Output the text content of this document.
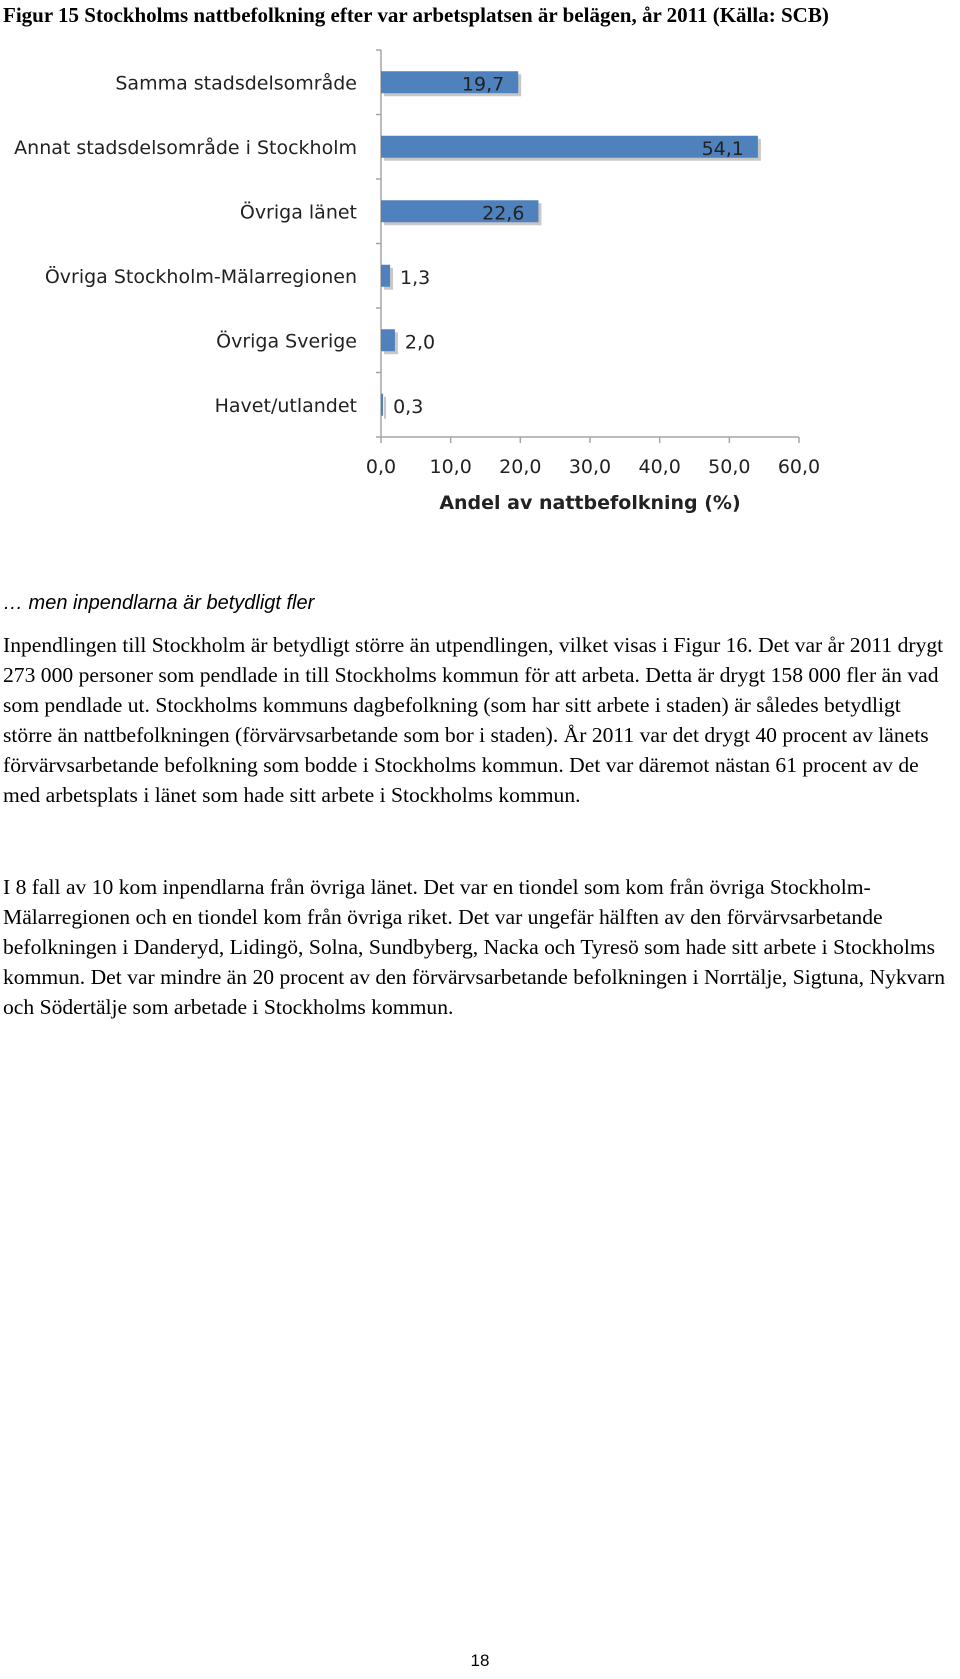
Figur 15 Stockholms nattbefolkning efter var arbetsplatsen är belägen, år 2011 (Källa: SCB)
Samma stadsdelsområde	19,7
Annat stadsdelsområde i Stockholm	54,1
Övriga länet	22,6
Övriga Stockholm-Mälarregionen 1,3
Övriga Sverige	2,0
Havet/utlandet 0,3
0,0 10,0 20,0 30,0 40,0 50,0 60,0
Andel av nattbefolkning (%)
… men inpendlarna är betydligt fler

Inpendlingen till Stockholm är betydligt större än utpendlingen, vilket visas i Figur 16. Det var år 2011 drygt 273 000 personer som pendlade in till Stockholms kommun för att arbeta. Detta är drygt 158 000 fler än vad som pendlade ut. Stockholms kommuns dagbefolkning (som har sitt arbete i staden) är således betydligt större än nattbefolkningen (förvärvsarbetande som bor i staden). År 2011 var det drygt 40 procent av länets förvärvsarbetande befolkning som bodde i Stockholms kommun. Det var däremot nästan 61 procent av de med arbetsplats i länet som hade sitt arbete i Stockholms kommun.

I 8 fall av 10 kom inpendlarna från övriga länet. Det var en tiondel som kom från övriga Stockholm-Mälarregionen och en tiondel kom från övriga riket. Det var ungefär hälften av den förvärvsarbetande befolkningen i Danderyd, Lidingö, Solna, Sundbyberg, Nacka och Tyresö som hade sitt arbete i Stockholms kommun. Det var mindre än 20 procent av den förvärvsarbetande befolkningen i Norrtälje, Sigtuna, Nykvarn och Södertälje som arbetade i Stockholms kommun.

18
